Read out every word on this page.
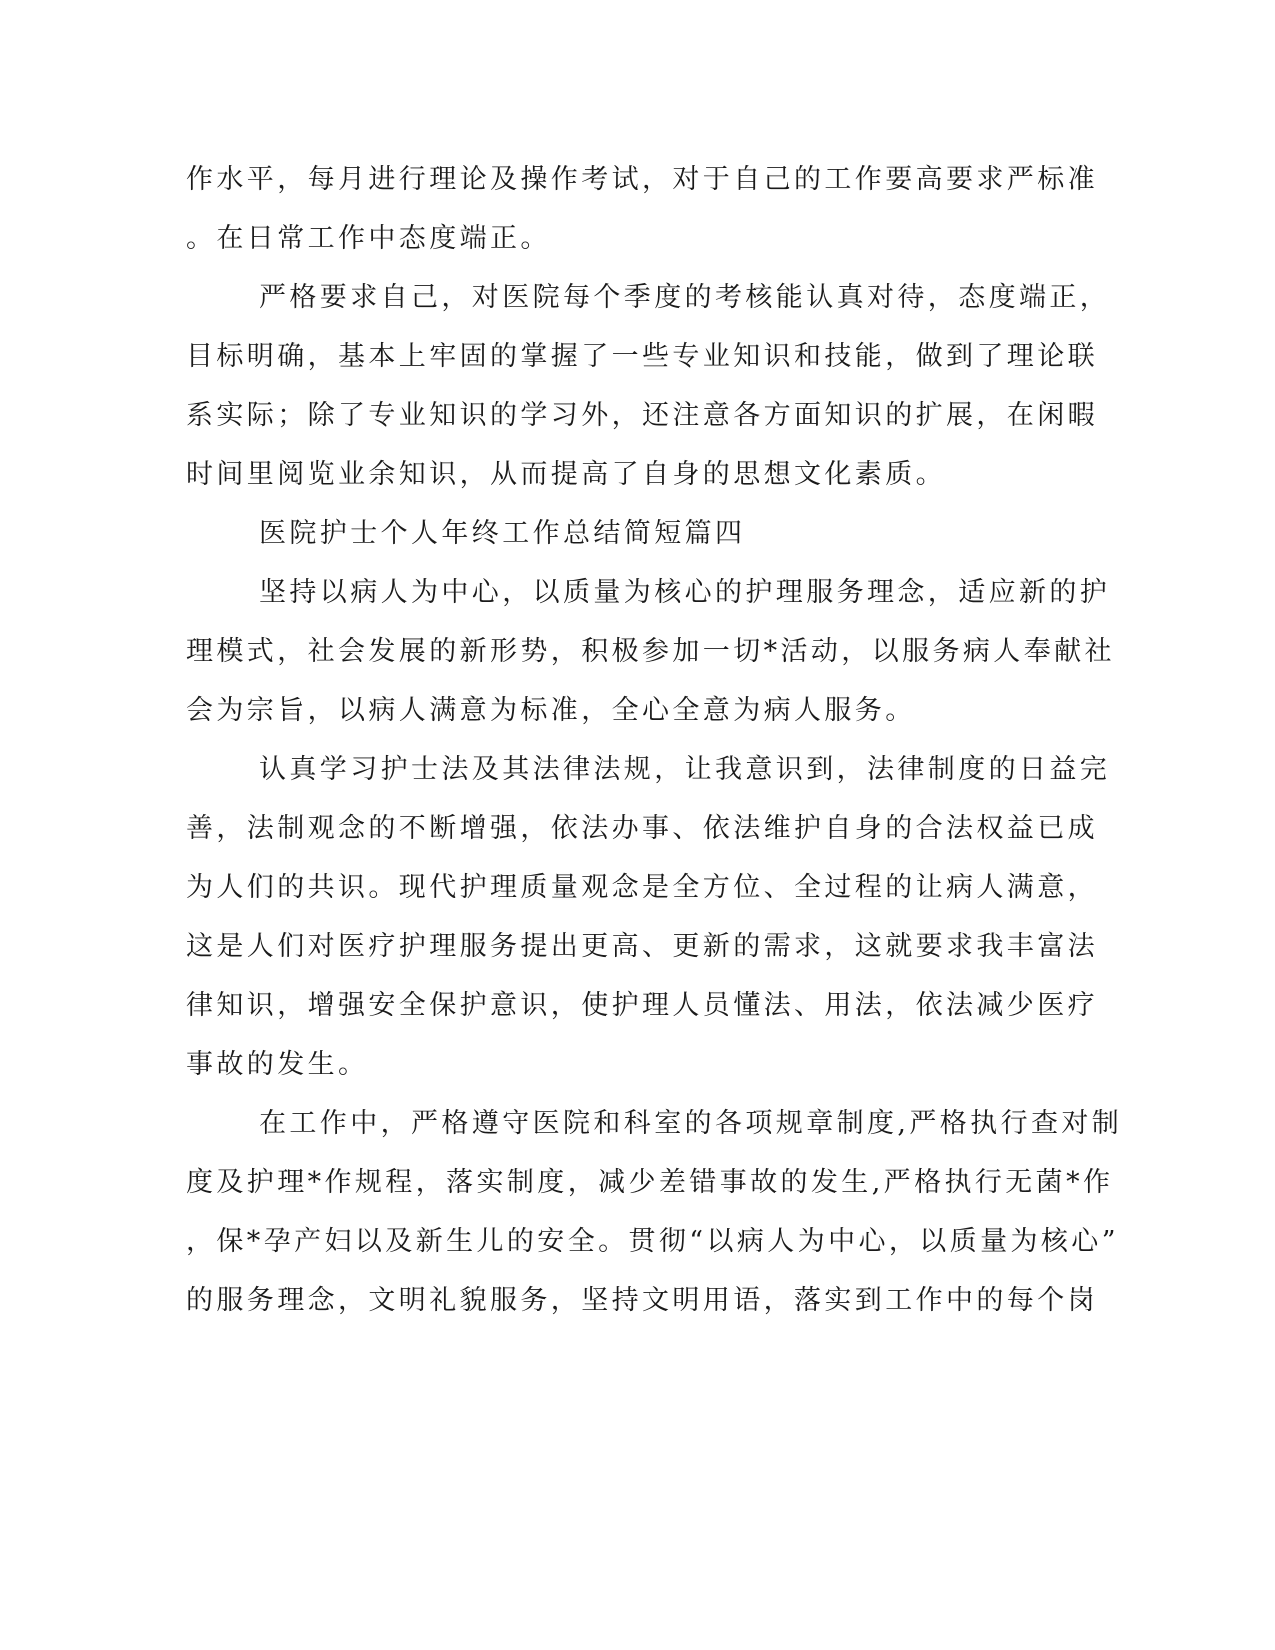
作水平，每月进行理论及操作考试，对于自己的工作要高要求严标准
。在日常工作中态度端正。
严格要求自己，对医院每个季度的考核能认真对待，态度端正，
目标明确，基本上牢固的掌握了一些专业知识和技能，做到了理论联
系实际；除了专业知识的学习外，还注意各方面知识的扩展，在闲暇
时间里阅览业余知识，从而提高了自身的思想文化素质。
医院护士个人年终工作总结简短篇四
坚持以病人为中心，以质量为核心的护理服务理念，适应新的护
理模式，社会发展的新形势，积极参加一切*活动，以服务病人奉献社
会为宗旨，以病人满意为标准，全心全意为病人服务。
认真学习护士法及其法律法规，让我意识到，法律制度的日益完
善，法制观念的不断增强，依法办事、依法维护自身的合法权益已成
为人们的共识。现代护理质量观念是全方位、全过程的让病人满意，
这是人们对医疗护理服务提出更高、更新的需求，这就要求我丰富法
律知识，增强安全保护意识，使护理人员懂法、用法，依法减少医疗
事故的发生。
在工作中，严格遵守医院和科室的各项规章制度,严格执行查对制
度及护理*作规程，落实制度，减少差错事故的发生,严格执行无菌*作
，保*孕产妇以及新生儿的安全。贯彻“以病人为中心，以质量为核心”
的服务理念，文明礼貌服务，坚持文明用语，落实到工作中的每个岗
